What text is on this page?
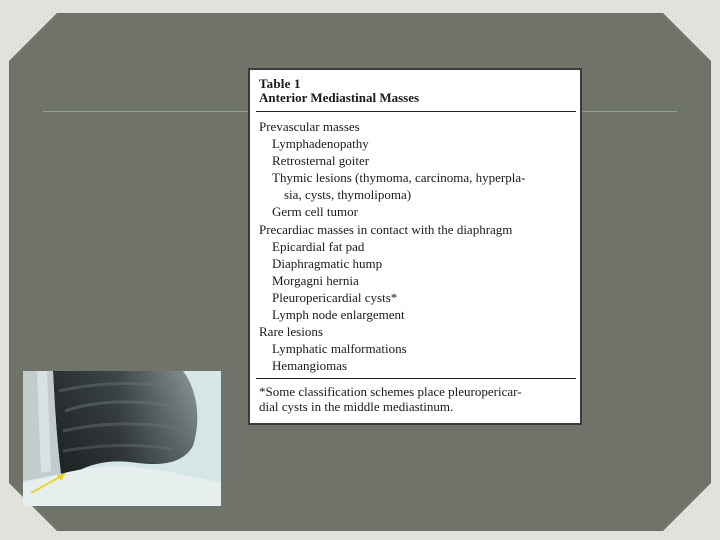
Table 1

Anterior Mediastinal Masses

Prevascular masses
Lymphadenopathy
Retrosternal goiter
Thymic lesions (thymoma, carcinoma, hyperpla-
sia, cysts, thymolipoma)
Germ cell tumor
Precardiac masses in contact with the diaphragm
Epicardial fat pad
Diaphragmatic hump
Morgagni hernia
Pleuropericardial cysts*
Lymph node enlargement
Rare lesions
Lymphatic malformations
Hemangiomas

*Some classification schemes place pleuropericar-

dial cysts in the middle mediastinum.
